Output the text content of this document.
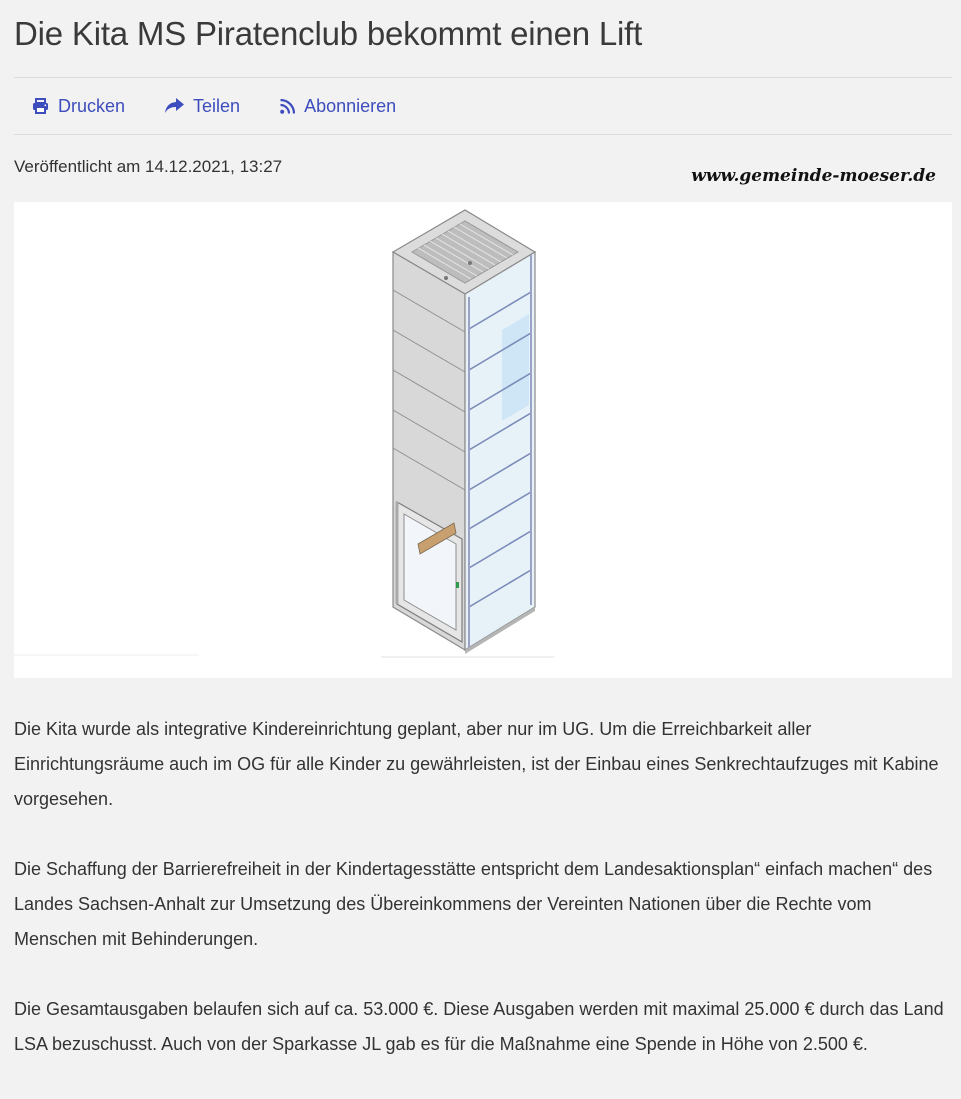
Die Kita MS Piratenclub bekommt einen Lift
Drucken	Teilen	Abonnieren
Veröffentlicht am 14.12.2021, 13:27	www.gemeinde-moeser.de

Die Kita wurde als integrative Kindereinrichtung geplant, aber nur im UG. Um die Erreichbarkeit aller Einrichtungsräume auch im OG für alle Kinder zu gewährleisten, ist der Einbau eines Senkrechtaufzuges mit Kabine vorgesehen.

Die Schaffung der Barrierefreiheit in der Kindertagesstätte entspricht dem Landesaktionsplan“ einfach machen“ des Landes Sachsen-Anhalt zur Umsetzung des Übereinkommens der Vereinten Nationen über die Rechte vom Menschen mit Behinderungen.

Die Gesamtausgaben belaufen sich auf ca. 53.000 €. Diese Ausgaben werden mit maximal 25.000 € durch das Land LSA bezuschusst. Auch von der Sparkasse JL gab es für die Maßnahme eine Spende in Höhe von 2.500 €.
